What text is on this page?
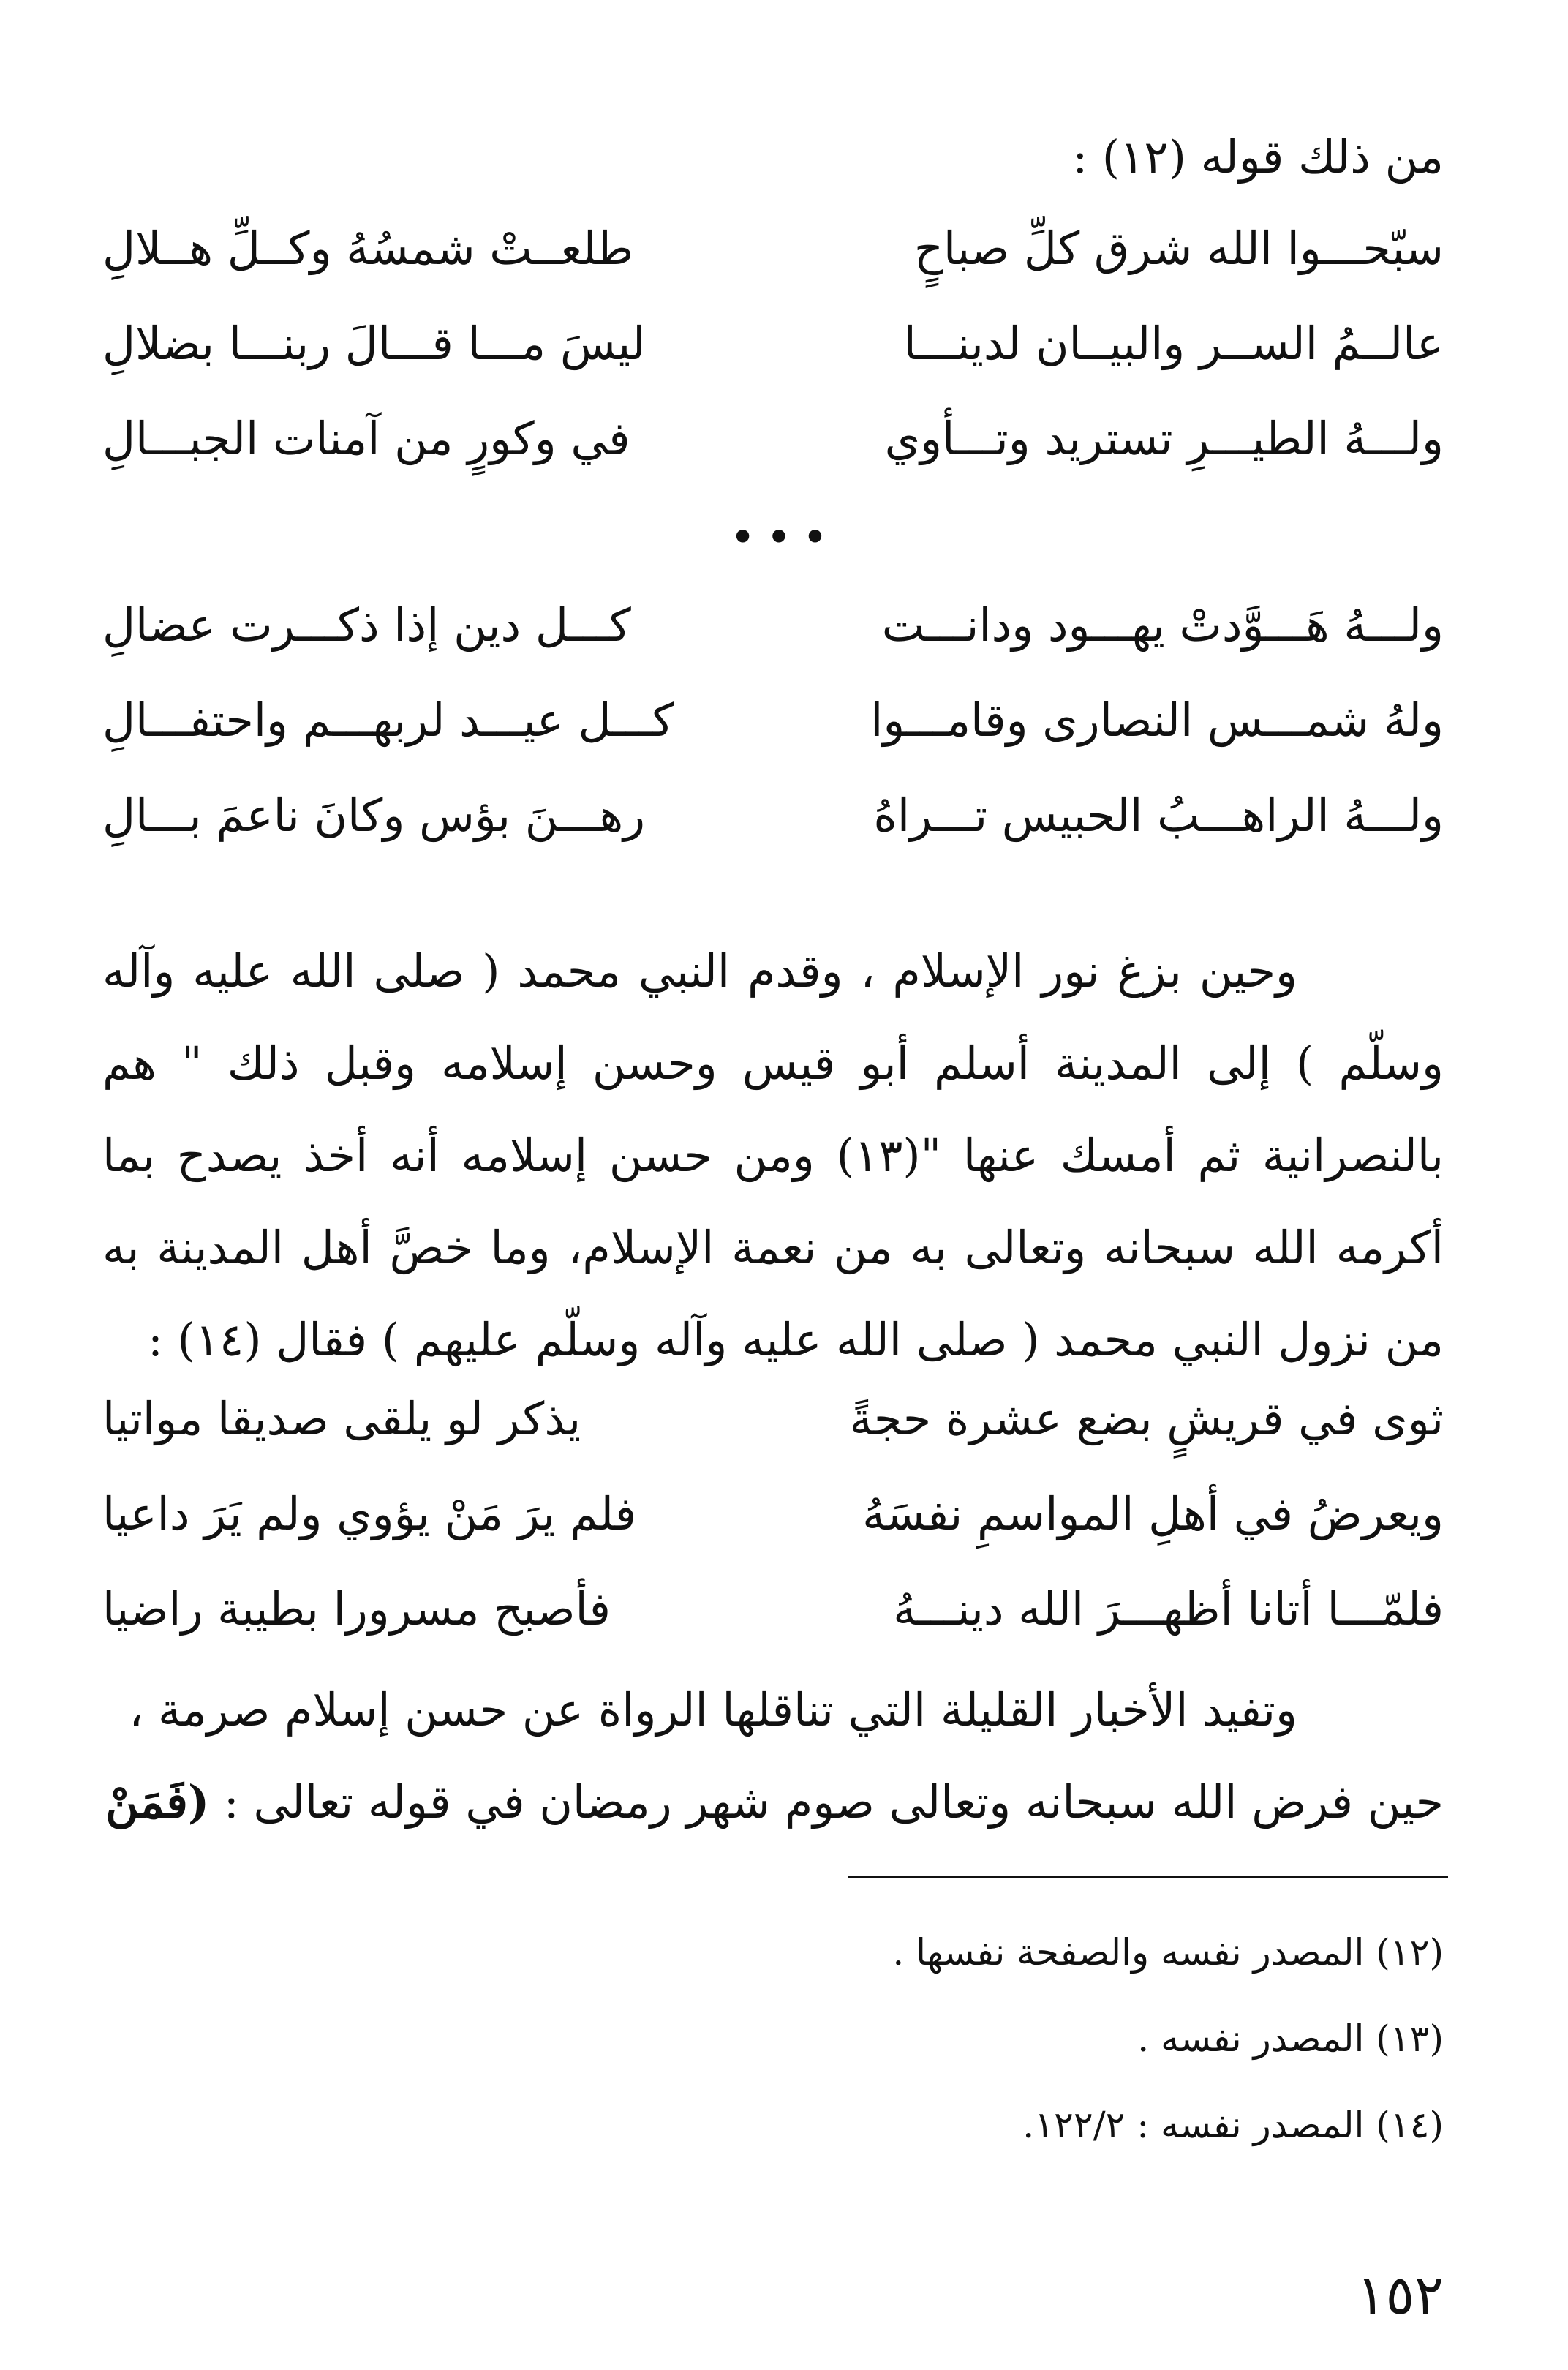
من ذلك قوله (١٢) :
سبّحـــوا الله شرق كلِّ صباحٍ
طلعــتْ شمسُهُ وكــلِّ هــلالِ
عالــمُ الســر والبيــان لدينـــا
ليسَ مـــا قـــالَ ربنـــا بضلالِ
ولـــهُ الطيـــرِ تستريد وتـــأوي
في وكورٍ من آمنات الجبـــالِ
•••
ولـــهُ هَـــوَّدتْ يهـــود ودانـــت
كـــل دين إذا ذكـــرت عضالِ
ولهُ شمـــس النصارى وقامـــوا
كـــل عيـــد لربهـــم واحتفـــالِ
ولـــهُ الراهـــبُ الحبيس تـــراهُ
رهـــنَ بؤس وكانَ ناعمَ بـــالِ

وحين بزغ نور الإسلام ، وقدم النبي محمد ( صلى الله عليه وآله وسلّم ) إلى المدينة أسلم أبو قيس وحسن إسلامه وقبل ذلك " هم بالنصرانية ثم أمسك عنها "(١٣) ومن حسن إسلامه أنه أخذ يصدح بما أكرمه الله سبحانه وتعالى به من نعمة الإسلام، وما خصَّ أهل المدينة به من نزول النبي محمد ( صلى الله عليه وآله وسلّم عليهم ) فقال (١٤) :

ثوى في قريشٍ بضع عشرة حجةً
يذكر لو يلقى صديقا مواتيا
ويعرضُ في أهلِ المواسمِ نفسَهُ
فلم يرَ مَنْ يؤوي ولم يَرَ داعيا
فلمّـــا أتانا أظهـــرَ الله دينـــهُ
فأصبح مسرورا بطيبة راضيا

وتفيد الأخبار القليلة التي تناقلها الرواة عن حسن إسلام صرمة ،

حين فرض الله سبحانه وتعالى صوم شهر رمضان في قوله تعالى : (فَمَنْ

(١٢) المصدر نفسه والصفحة نفسها .
(١٣) المصدر نفسه .
(١٤) المصدر نفسه : ١٢٢/٢.
١٥٢
